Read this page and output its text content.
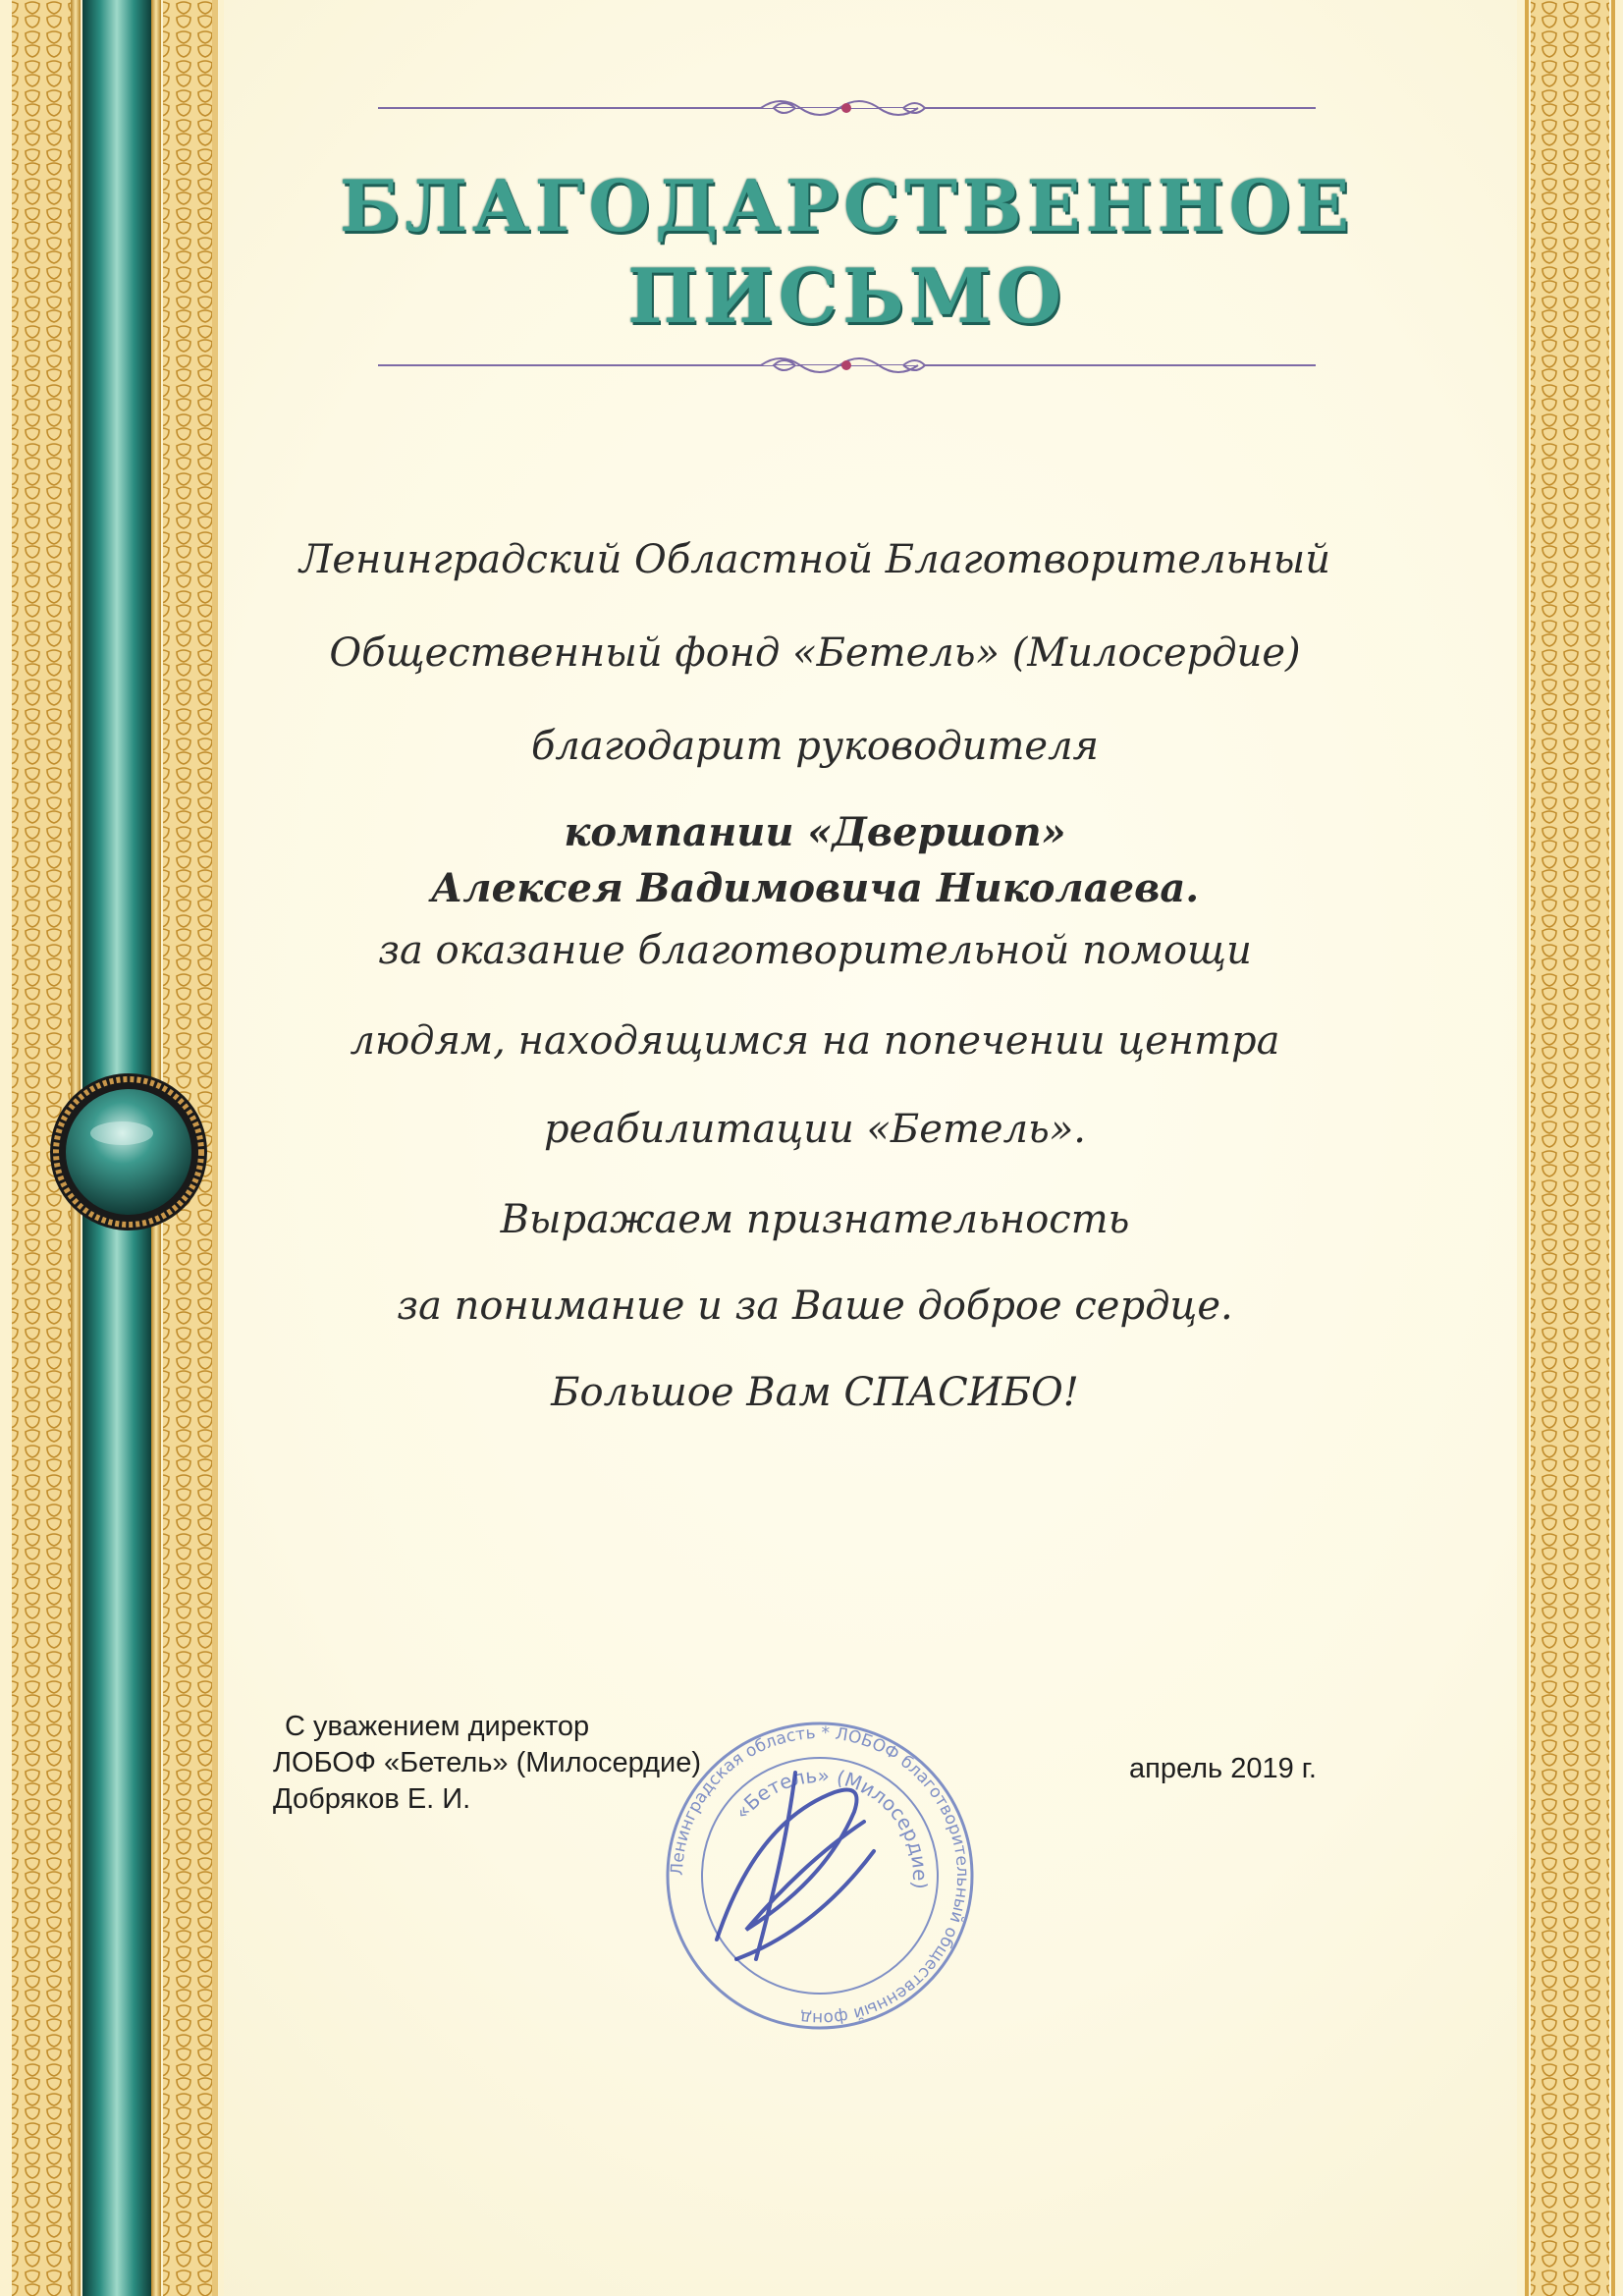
БЛАГОДАРСТВЕННОЕ
ПИСЬМО
Ленинградский Областной Благотворительный
Общественный фонд «Бетель» (Милосердие)
благодарит руководителя
компании «Двершоп»
Алексея Вадимовича Николаева.
за оказание благотворительной помощи
людям, находящимся на попечении центра
реабилитации «Бетель».
Выражаем признательность
за понимание и за Ваше доброе сердце.
Большое Вам СПАСИБО!
Ленинградская область * ЛОБОФ благотворительный общественный фонд
«Бетель» (Милосердие)
С уважением директор
ЛОБОФ «Бетель» (Милосердие)
Добряков Е. И.
апрель 2019 г.
